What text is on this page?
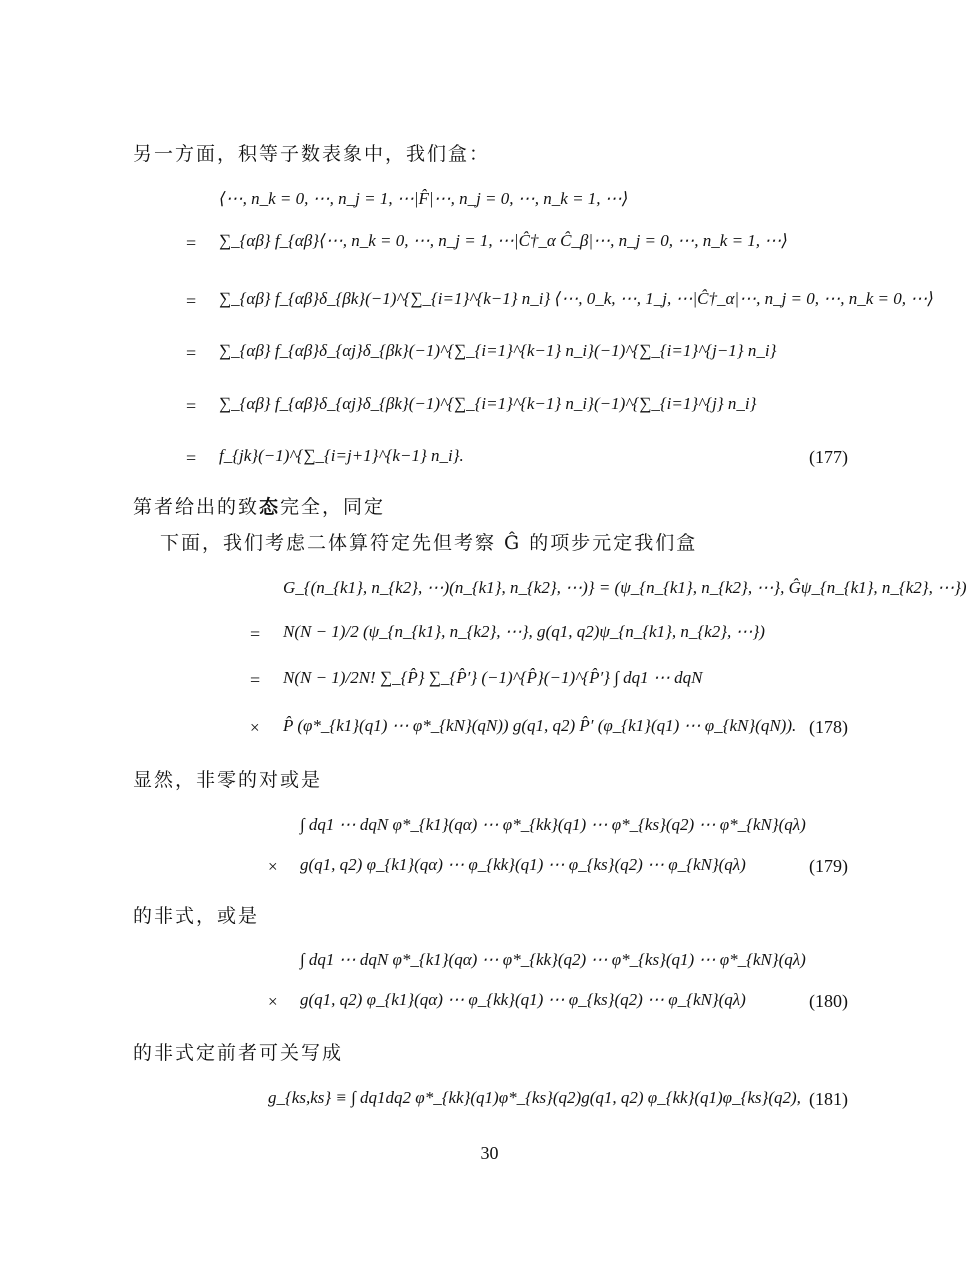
另一方面，积等子数表象中，我们盒：
⟨⋯, n_k = 0, ⋯, n_j = 1, ⋯|F̂|⋯, n_j = 0, ⋯, n_k = 1, ⋯⟩
= ∑_{αβ} f_{αβ}⟨⋯, n_k = 0, ⋯, n_j = 1, ⋯|Ĉ†_α Ĉ_β|⋯, n_j = 0, ⋯, n_k = 1, ⋯⟩
= ∑_{αβ} f_{αβ}δ_{βk}(−1)^{∑_{i=1}^{k−1} n_i} ⟨⋯, 0_k, ⋯, 1_j, ⋯|Ĉ†_α|⋯, n_j = 0, ⋯, n_k = 0, ⋯⟩
= ∑_{αβ} f_{αβ}δ_{αj}δ_{βk}(−1)^{∑_{i=1}^{k−1} n_i}(−1)^{∑_{i=1}^{j−1} n_i}
= ∑_{αβ} f_{αβ}δ_{αj}δ_{βk}(−1)^{∑_{i=1}^{k−1} n_i}(−1)^{∑_{i=1}^{j} n_i}
= f_{jk}(−1)^{∑_{i=j+1}^{k−1} n_i}.	(177)
第者给出的致态完全，同定
下面，我们考虑二体算符定先但考察 Ĝ 的项步元定我们盒
G_{(n_{k1}, n_{k2}, ⋯)(n_{k1}, n_{k2}, ⋯)} = (ψ_{n_{k1}, n_{k2}, ⋯}, Ĝψ_{n_{k1}, n_{k2}, ⋯})
= N(N − 1)/2 (ψ_{n_{k1}, n_{k2}, ⋯}, g(q1, q2)ψ_{n_{k1}, n_{k2}, ⋯})
= N(N − 1)/2N! ∑_{P̂} ∑_{P̂′} (−1)^{P̂}(−1)^{P̂′} ∫ dq1 ⋯ dqN
× P̂ (φ*_{k1}(q1) ⋯ φ*_{kN}(qN)) g(q1, q2) P̂′ (φ_{k1}(q1) ⋯ φ_{kN}(qN)). (178)
显然，非零的对或是
∫ dq1 ⋯ dqN φ*_{k1}(qα) ⋯ φ*_{kk}(q1) ⋯ φ*_{ks}(q2) ⋯ φ*_{kN}(qλ)
× g(q1, q2) φ_{k1}(qα) ⋯ φ_{kk}(q1) ⋯ φ_{ks}(q2) ⋯ φ_{kN}(qλ)	(179)
的非式，或是
∫ dq1 ⋯ dqN φ*_{k1}(qα) ⋯ φ*_{kk}(q2) ⋯ φ*_{ks}(q1) ⋯ φ*_{kN}(qλ)
× g(q1, q2) φ_{k1}(qα) ⋯ φ_{kk}(q1) ⋯ φ_{ks}(q2) ⋯ φ_{kN}(qλ)	(180)
的非式定前者可关写成
g_{ks,ks} ≡ ∫ dq1dq2 φ*_{kk}(q1)φ*_{ks}(q2)g(q1, q2) φ_{kk}(q1)φ_{ks}(q2), (181)
30
